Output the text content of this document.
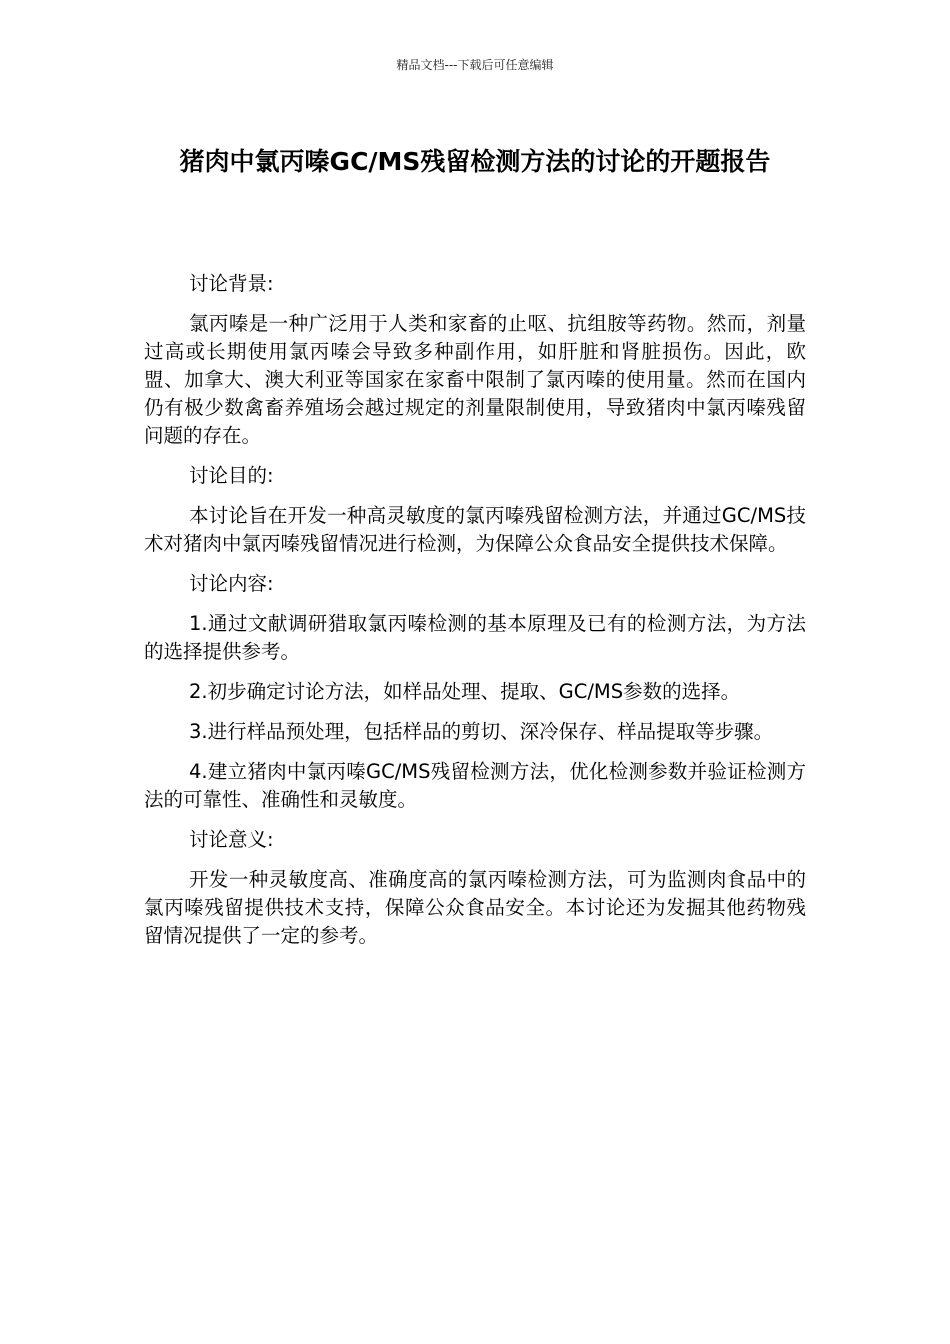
精品文档---下载后可任意编辑
猪肉中氯丙嗪GC/MS残留检测方法的讨论的开题报告

讨论背景:

氯丙嗪是一种广泛用于人类和家畜的止呕、抗组胺等药物。然而，剂量过高或长期使用氯丙嗪会导致多种副作用，如肝脏和肾脏损伤。因此，欧盟、加拿大、澳大利亚等国家在家畜中限制了氯丙嗪的使用量。然而在国内仍有极少数禽畜养殖场会越过规定的剂量限制使用，导致猪肉中氯丙嗪残留问题的存在。

讨论目的:

本讨论旨在开发一种高灵敏度的氯丙嗪残留检测方法，并通过GC/MS技术对猪肉中氯丙嗪残留情况进行检测，为保障公众食品安全提供技术保障。

讨论内容:

1.通过文献调研猎取氯丙嗪检测的基本原理及已有的检测方法，为方法的选择提供参考。

2.初步确定讨论方法，如样品处理、提取、GC/MS参数的选择。

3.进行样品预处理，包括样品的剪切、深冷保存、样品提取等步骤。

4.建立猪肉中氯丙嗪GC/MS残留检测方法，优化检测参数并验证检测方法的可靠性、准确性和灵敏度。

讨论意义:

开发一种灵敏度高、准确度高的氯丙嗪检测方法，可为监测肉食品中的氯丙嗪残留提供技术支持，保障公众食品安全。本讨论还为发掘其他药物残留情况提供了一定的参考。
